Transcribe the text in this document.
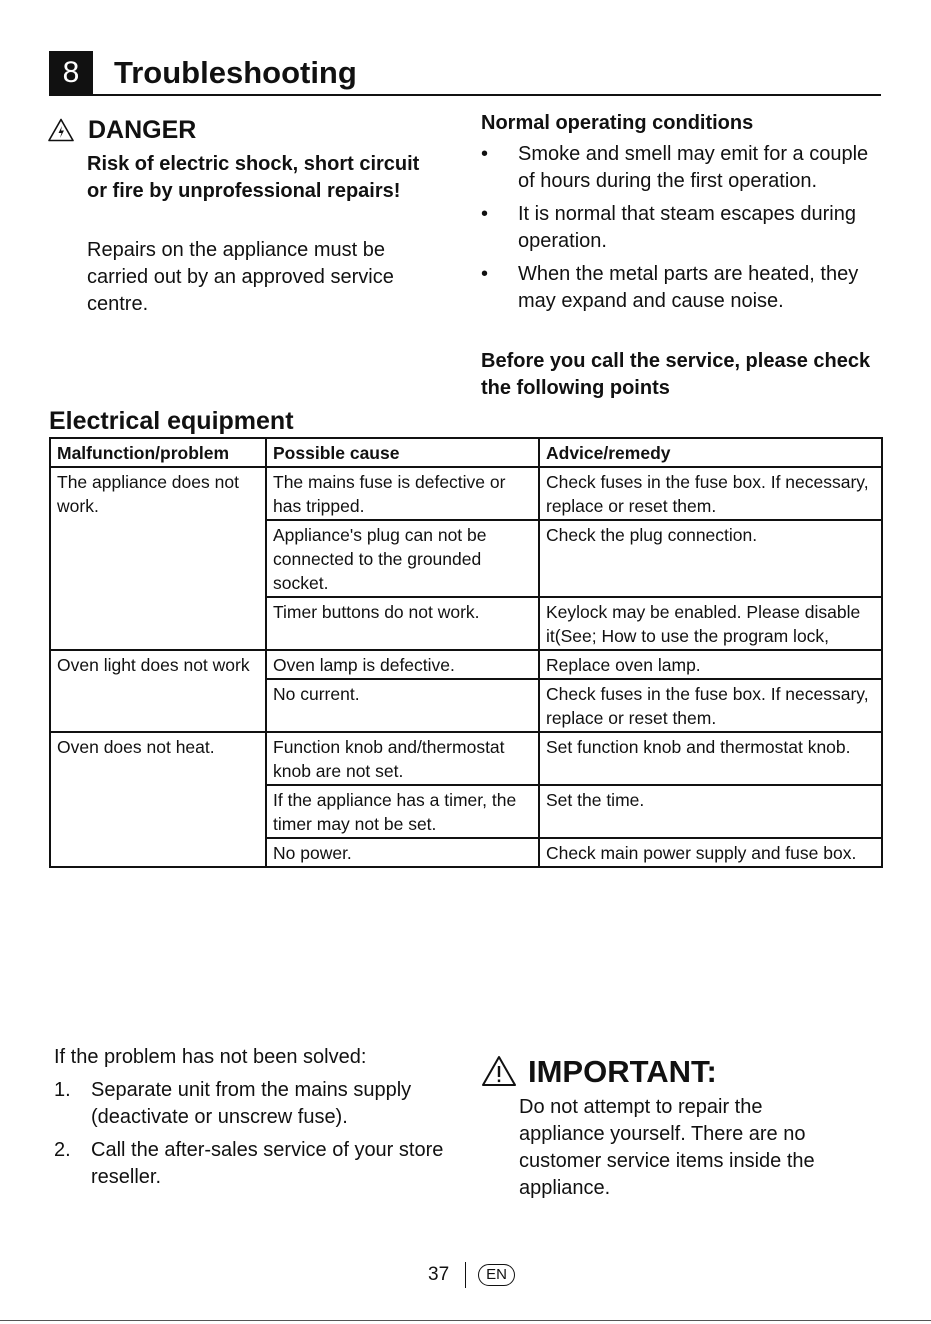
8	Troubleshooting
DANGER
Risk of electric shock, short circuit or fire by unprofessional repairs!
Repairs on the appliance must be carried out by an approved service centre.
Normal operating conditions
• Smoke and smell may emit for a couple of hours during the first operation.
• It is normal that steam escapes during operation.
• When the metal parts are heated, they may expand and cause noise.
Before you call the service, please check the following points
Electrical equipment
Malfunction/problem	Possible cause	Advice/remedy
The appliance does not work.	The mains fuse is defective or has tripped.	Check fuses in the fuse box. If necessary, replace or reset them.
	Appliance's plug can not be connected to the grounded socket.	Check the plug connection.
	Timer buttons do not work.	Keylock may be enabled. Please disable it(See; How to use the program lock,
Oven light does not work	Oven lamp is defective.	Replace oven lamp.
	No current.	Check fuses in the fuse box. If necessary, replace or reset them.
Oven does not heat.	Function knob and/thermostat knob are not set.	Set function knob and thermostat knob.
	If the appliance has a timer, the timer may not be set.	Set the time.
	No power.	Check main power supply and fuse box.
If the problem has not been solved:
1. Separate unit from the mains supply (deactivate or unscrew fuse).
2. Call the after-sales service of your store reseller.
IMPORTANT:
Do not attempt to repair the appliance yourself. There are no customer service items inside the appliance.
37	EN
